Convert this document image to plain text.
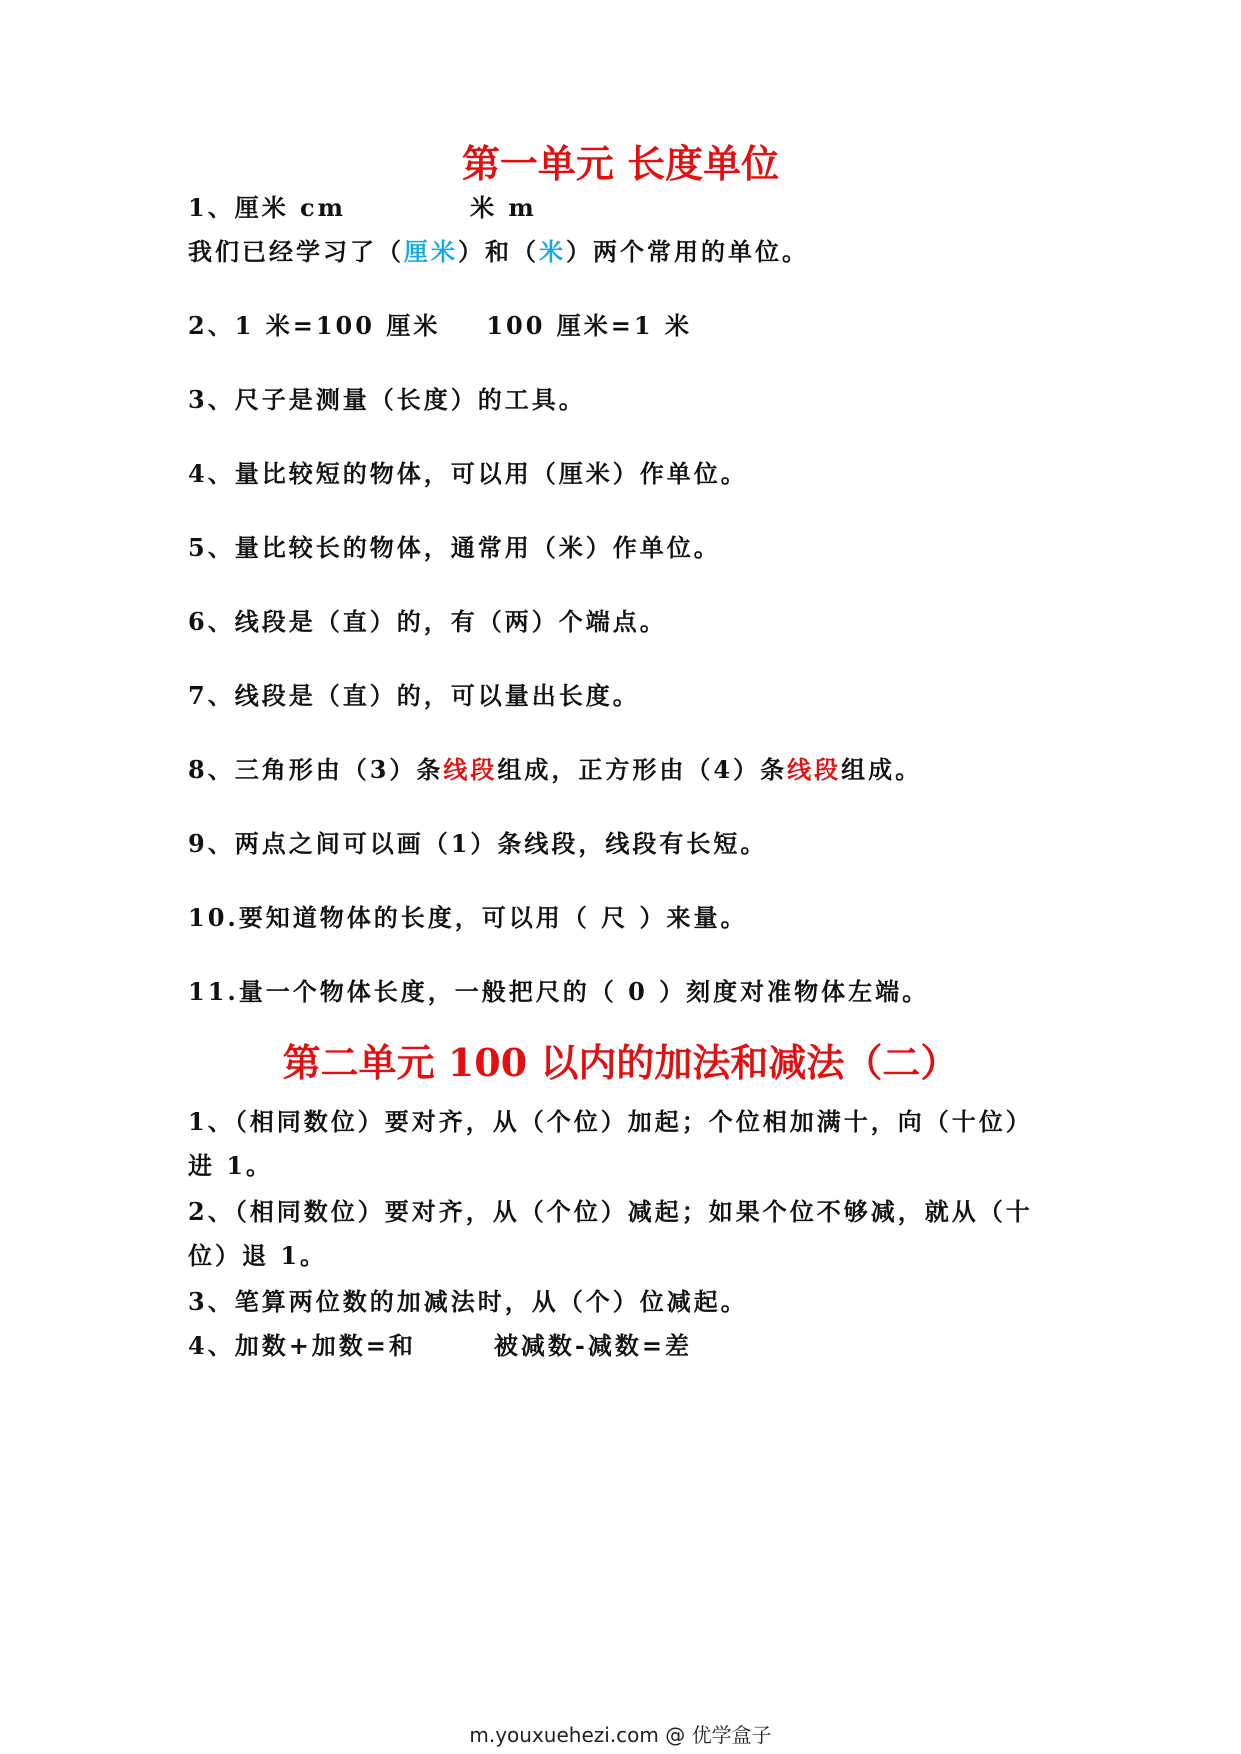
第一单元 长度单位
1、厘米 cm	米 m
我们已经学习了（厘米）和（米）两个常用的单位。
2、1 米=100 厘米 100 厘米=1 米
3、尺子是测量（长度）的工具。
4、量比较短的物体，可以用（厘米）作单位。
5、量比较长的物体，通常用（米）作单位。
6、线段是（直）的，有（两）个端点。
7、线段是（直）的，可以量出长度。
8、三角形由（3）条线段组成，正方形由（4）条线段组成。
9、两点之间可以画（1）条线段，线段有长短。
10.要知道物体的长度，可以用（ 尺 ）来量。
11.量一个物体长度，一般把尺的（ 0 ）刻度对准物体左端。
第二单元 100 以内的加法和减法（二）
1、（相同数位）要对齐，从（个位）加起；个位相加满十，向（十位）
进 1。
2、（相同数位）要对齐，从（个位）减起；如果个位不够减，就从（十
位）退 1。
3、笔算两位数的加减法时，从（个）位减起。
4、加数+加数=和	被减数-减数=差
m.youxuehezi.com @ 优学盒子
